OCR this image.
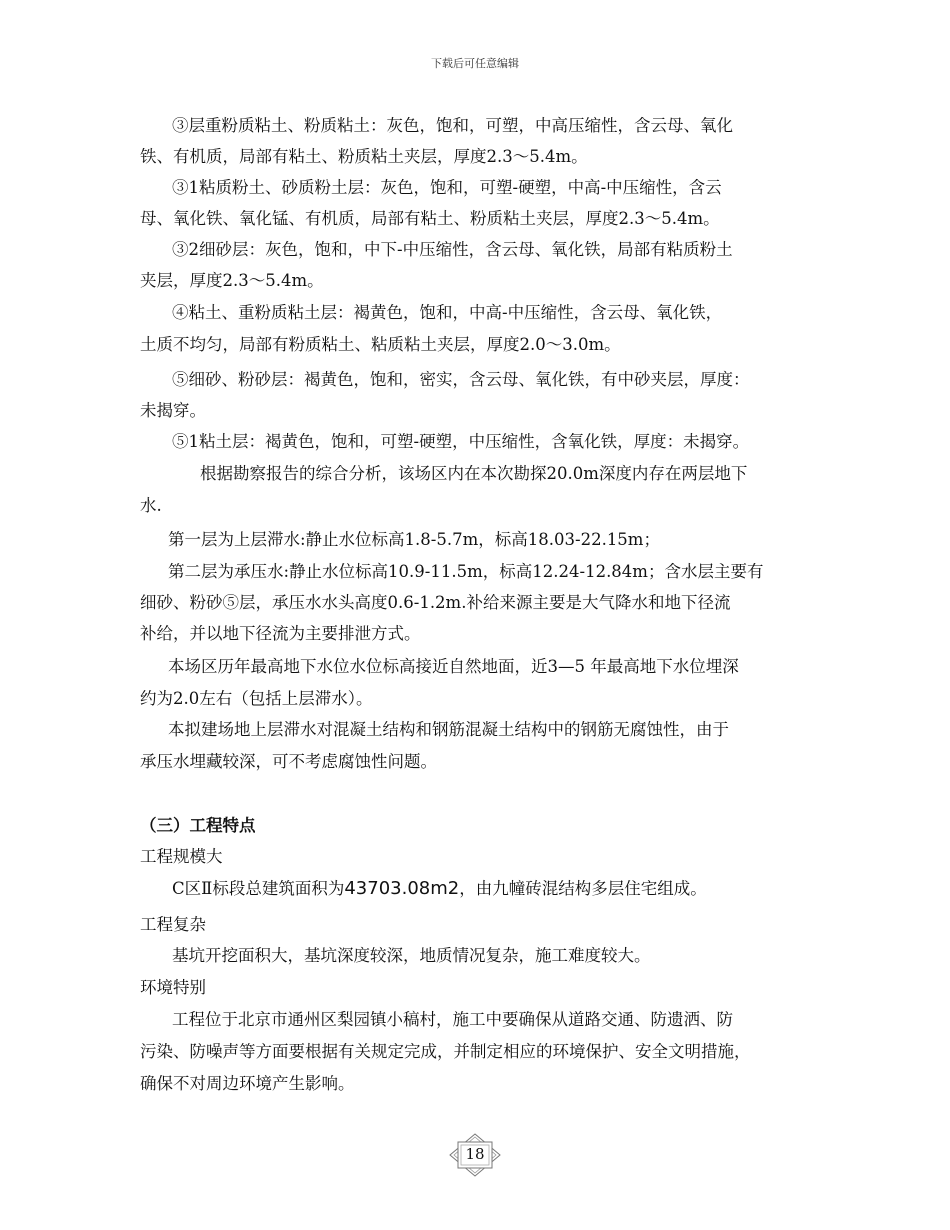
下载后可任意编辑
③层重粉质粘土、粉质粘土：灰色，饱和，可塑，中高压缩性，含云母、氧化
铁、有机质，局部有粘土、粉质粘土夹层，厚度2.3～5.4m。
③1粘质粉土、砂质粉土层：灰色，饱和，可塑-硬塑，中高-中压缩性，含云
母、氧化铁、氧化锰、有机质，局部有粘土、粉质粘土夹层，厚度2.3～5.4m。
③2细砂层：灰色，饱和，中下-中压缩性，含云母、氧化铁，局部有粘质粉土
夹层，厚度2.3～5.4m。
④粘土、重粉质粘土层：褐黄色，饱和，中高-中压缩性，含云母、氧化铁，
土质不均匀，局部有粉质粘土、粘质粘土夹层，厚度2.0～3.0m。
⑤细砂、粉砂层：褐黄色，饱和，密实，含云母、氧化铁，有中砂夹层，厚度：
未揭穿。
⑤1粘土层：褐黄色，饱和，可塑-硬塑，中压缩性，含氧化铁，厚度：未揭穿。
根据勘察报告的综合分析，该场区内在本次勘探20.0m深度内存在两层地下
水.
第一层为上层滞水:静止水位标高1.8-5.7m，标高18.03-22.15m；
第二层为承压水:静止水位标高10.9-11.5m，标高12.24-12.84m；含水层主要有
细砂、粉砂⑤层，承压水水头高度0.6-1.2m.补给来源主要是大气降水和地下径流
补给，并以地下径流为主要排泄方式。
本场区历年最高地下水位水位标高接近自然地面，近3—5 年最高地下水位埋深
约为2.0左右（包括上层滞水）。
本拟建场地上层滞水对混凝土结构和钢筋混凝土结构中的钢筋无腐蚀性，由于
承压水埋藏较深，可不考虑腐蚀性问题。
（三）工程特点
工程规模大
C区Ⅱ标段总建筑面积为43703.08m2，由九幢砖混结构多层住宅组成。
工程复杂
基坑开挖面积大，基坑深度较深，地质情况复杂，施工难度较大。
环境特别
工程位于北京市通州区梨园镇小稿村，施工中要确保从道路交通、防遗洒、防
污染、防噪声等方面要根据有关规定完成，并制定相应的环境保护、安全文明措施，
确保不对周边环境产生影响。
18
